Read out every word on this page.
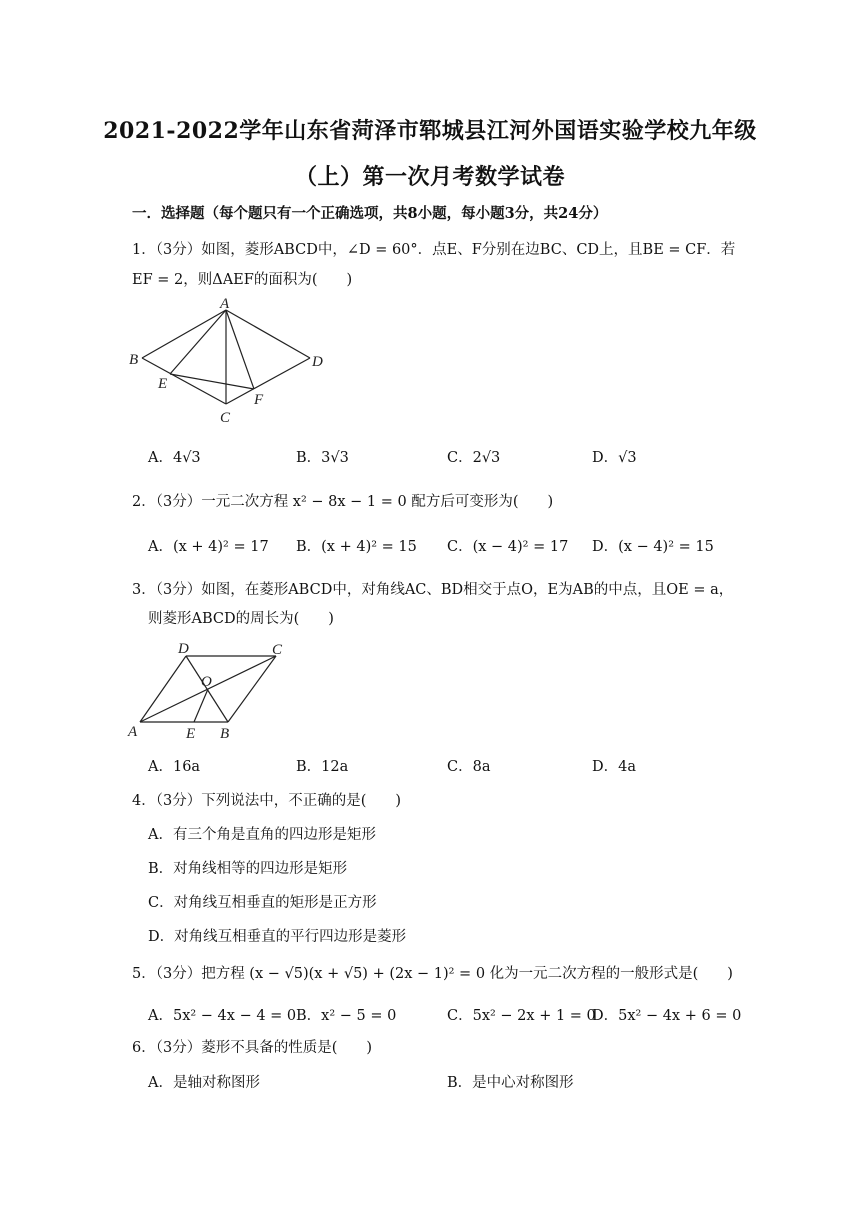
2021-2022学年山东省菏泽市郓城县江河外国语实验学校九年级
（上）第一次月考数学试卷
一．选择题（每个题只有一个正确选项，共8小题，每小题3分，共24分）
1．（3分）如图，菱形ABCD中，∠D = 60°．点E、F分别在边BC、CD上，且BE = CF．若
EF = 2，则ΔAEF的面积为(　　)
A
B
C
D
E
F
A．4√3	B．3√3	C．2√3	D．√3
2．（3分）一元二次方程 x² − 8x − 1 = 0 配方后可变形为(　　)
A．(x + 4)² = 17 B．(x + 4)² = 15 C．(x − 4)² = 17 D．(x − 4)² = 15
3．（3分）如图，在菱形ABCD中，对角线AC、BD相交于点O，E为AB的中点，且OE = a，
则菱形ABCD的周长为(　　)
A	B
C
D
E
O
A．16a	B．12a	C．8a	D．4a
4．（3分）下列说法中，不正确的是(　　)
A．有三个角是直角的四边形是矩形
B．对角线相等的四边形是矩形
C．对角线互相垂直的矩形是正方形
D．对角线互相垂直的平行四边形是菱形
5．（3分）把方程 (x − √5)(x + √5) + (2x − 1)² = 0 化为一元二次方程的一般形式是(　　)
A．5x² − 4x − 4 = 0 B．x² − 5 = 0	C．5x² − 2x + 1 = 0
D．5x² − 4x + 6 = 0
6．（3分）菱形不具备的性质是(　　)
A．是轴对称图形	B．是中心对称图形
